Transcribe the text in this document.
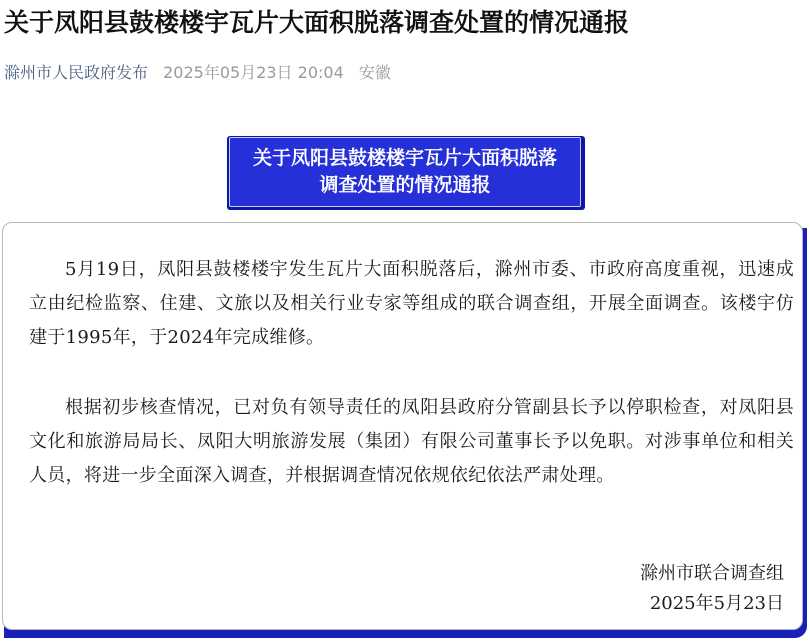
关于凤阳县鼓楼楼宇瓦片大面积脱落调查处置的情况通报
滁州市人民政府发布 2025年05月23日 20:04 安徽
关于凤阳县鼓楼楼宇瓦片大面积脱落
调查处置的情况通报

5月19日，凤阳县鼓楼楼宇发生瓦片大面积脱落后，滁州市委、市政府高度重视，迅速成立由纪检监察、住建、文旅以及相关行业专家等组成的联合调查组，开展全面调查。该楼宇仿建于1995年，于2024年完成维修。

根据初步核查情况，已对负有领导责任的凤阳县政府分管副县长予以停职检查，对凤阳县文化和旅游局局长、凤阳大明旅游发展（集团）有限公司董事长予以免职。对涉事单位和相关人员，将进一步全面深入调查，并根据调查情况依规依纪依法严肃处理。

滁州市联合调查组

2025年5月23日
